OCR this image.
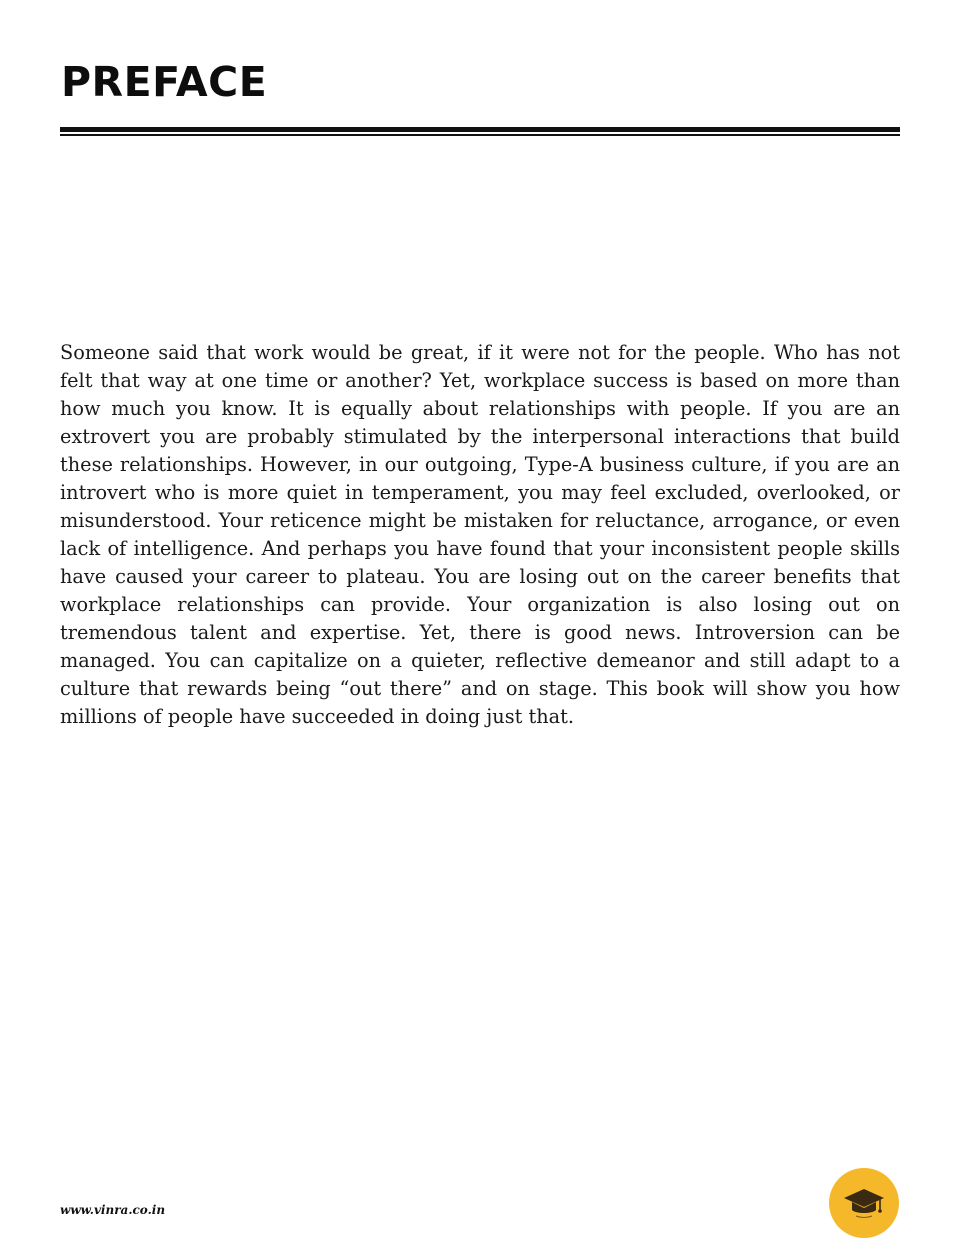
PREFACE

Someone said that work would be great, if it were not for the people. Who has not felt that way at one time or another? Yet, workplace success is based on more than how much you know. It is equally about relationships with people. If you are an extrovert you are probably stimulated by the interpersonal interactions that build these relationships. However, in our outgoing, Type-A business culture, if you are an introvert who is more quiet in temperament, you may feel excluded, overlooked, or misunderstood. Your reticence might be mistaken for reluctance, arrogance, or even lack of intelligence. And perhaps you have found that your inconsistent people skills have caused your career to plateau. You are losing out on the career benefits that workplace relationships can provide. Your organization is also losing out on tremendous talent and expertise. Yet, there is good news. Introversion can be managed. You can capitalize on a quieter, reflective demeanor and still adapt to a culture that rewards being “out there” and on stage. This book will show you how millions of people have succeeded in doing just that.

www.vinra.co.in
